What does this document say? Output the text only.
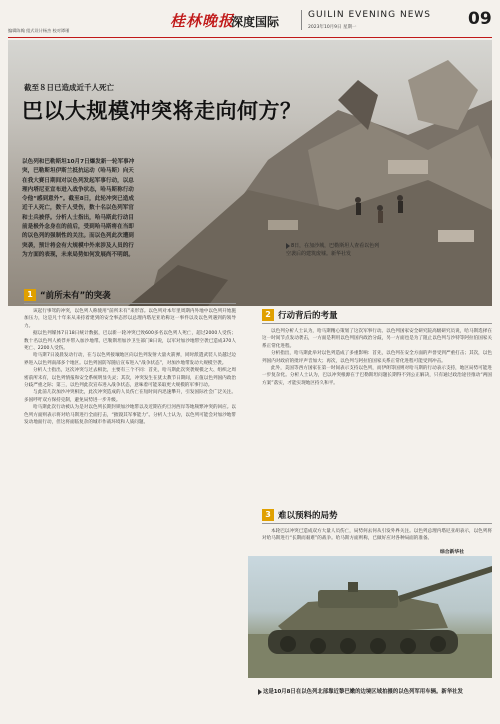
编辑陈翰 组式设计杨杰 校对谭瑾
桂林晚报
深度国际	GUILIN EVENING NEWS
2023年10月9日 星期一	09
截至８日已造成近千人死亡
巴以大规模冲突将走向何方？
以色列和巴勒斯坦10月7日爆发新一轮军事冲突，巴勒斯坦伊斯兰抵抗运动（哈马斯）向天在我大赛日期间对以色列发起军事行动，以总理内塔尼亚宣布进入战争状态，哈马斯称行动令他“感到意外”。截至8日，此轮冲突已造成近千人死亡，数千人受伤，数十名以色列军官和士兵被俘。分析人士指出，哈马斯此行动目前是极外念身在的前后，受到哈马斯将在当即的以色列的强制性的关注。而以色列此次遭到突袭，预计将会有大规模中外来涉及人员的行为方面的表现，未来局势如何发展尚不明朗。
8日，在加沙城，巴勒斯坦人查看以色列空袭后的建筑废墟。新华社发
1 “前所未有”的突袭

该起行事驾的冲突，以色列人称使用“前所未有”来形容。以色列对本年里周期内外地中以色列开始施加压力，这是凡十年来从来持着建到的安全事态形以总理内塔尼亚哈称这一事件以及以色列遇到的领导力。

据以色列媒体7日18日统计数据，巴以新一轮冲突已致600多名以色列人死亡，超过2000人受伤；数十名以色列人被俘并带入加沙地带。巴勒斯坦加沙卫生部门8日说，以军对加沙地带空袭已造成370人死亡、2200人受伤。

哈马斯7日凌晨发动行动，在与以色列接壤地区向以色列发射大量火箭弹，同时派遣武装人员越过边界进入以色列南部多个地区。以色列国防军随后宣布进入“战争状态”，对加沙地带发动大规模空袭。

分析人士指出，这次冲突与过去相比，主要有三个不同：首先，哈马斯此次突袭规模之大、组织之周密前所未有，以色列情报和安全系统明显失灵；其次，冲突发生在犹太教节日期间，正值以色列国内政治分歧严重之际；第三，以色列此次宣布进入战争状态，意味着可能采取更大规模的军事行动。

与此前几次加沙冲突相比，此次冲突造成的人员伤亡在短时间内迅速攀升，引发国际社会广泛关注。多国呼吁双方保持克制，避免局势进一步升级。

哈马斯此次行动被认为是对以色列长期封锁加沙地带以及近期在约旦河西岸等地频繁冲突的回应。以色列方面则表示将对哈马斯进行全面打击，“摧毁其军事能力”。分析人士认为，以色列可能会对加沙地带发动地面行动，但这将面临复杂的城市作战环境和人质问题。

2 行动背后的考量

以色列分析人士认为，哈马斯精心策划了这次军事行动。以色列国家安全研究院高级研究员说，哈马斯选择在这一时间节点发动袭击，一方面是利用以色列国内政治分歧，另一方面也是为了阻止以色列与沙特等阿拉伯国家关系正常化进程。

分析指出，哈马斯此举对以色列造成了多重影响：首先，以色列在安全方面的声誉受到严重打击；其次，以色列国内对政府的批评声音加大；再次，以色列与阿拉伯国家关系正常化进程可能受到冲击。

此外，美国等西方国家在第一时间表示支持以色列，而伊朗等国则对哈马斯的行动表示支持，地区局势可能进一步复杂化。分析人士认为，巴以冲突根源在于巴勒斯坦问题长期得不到公正解决，只有通过政治途径推动“两国方案”落实，才能实现地区持久和平。

3 难以预料的局势

本轮巴以冲突已造成双方大量人员伤亡，局势何去何从引发外界关注。以色列总理内塔尼亚胡表示，以色列将对哈马斯进行“长期而艰难”的战争。哈马斯方面则称，已做好应对各种局面的准备。

综合新华社
这是10月8日在以色列北部靠近黎巴嫩的边境区域拍摄的以色列军用车辆。新华社发
